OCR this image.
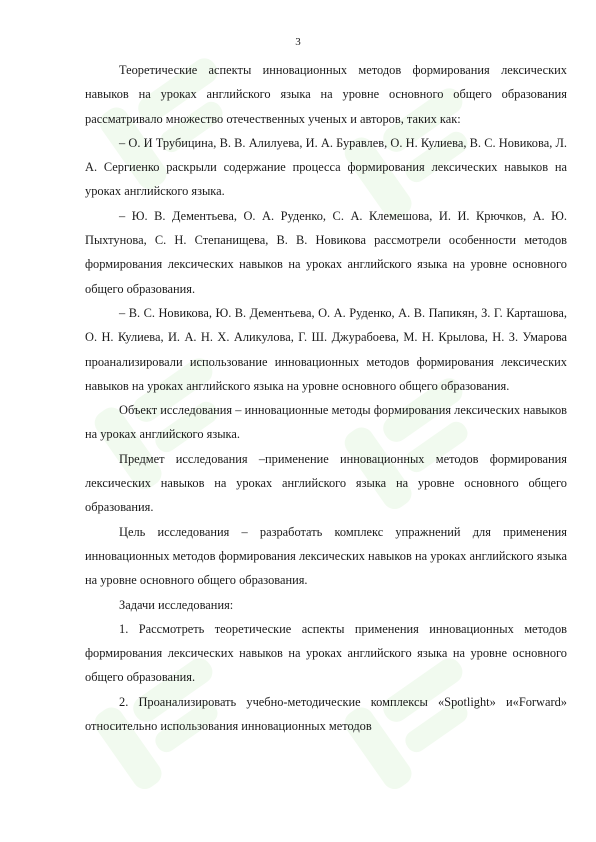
3

Теоретические аспекты инновационных методов формирования лексических навыков на уроках английского языка на уровне основного общего образования рассматривало множество отечественных ученых и авторов, таких как:

– О. И Трубицина, В. В. Алилуева, И. А. Буравлев, О. Н. Кулиева, В. С. Новикова, Л. А. Сергиенко раскрыли содержание процесса формирования лексических навыков на уроках английского языка.

– Ю. В. Дементьева, О. А. Руденко, С. А. Клемешова, И. И. Крючков, А. Ю. Пыхтунова, С. Н. Степанищева, В. В. Новикова рассмотрели особенности методов формирования лексических навыков на уроках английского языка на уровне основного общего образования.

– В. С. Новикова, Ю. В. Дементьева, О. А. Руденко, А. В. Папикян, З. Г. Карташова, О. Н. Кулиева, И. А. Н. Х. Аликулова, Г. Ш. Джурабоева, М. Н. Крылова, Н. З. Умарова проанализировали использование инновационных методов формирования лексических навыков на уроках английского языка на уровне основного общего образования.

Объект исследования – инновационные методы формирования лексических навыков на уроках английского языка.

Предмет исследования –применение инновационных методов формирования лексических навыков на уроках английского языка на уровне основного общего образования.

Цель исследования – разработать комплекс упражнений для применения инновационных методов формирования лексических навыков на уроках английского языка на уровне основного общего образования.

Задачи исследования:

1. Рассмотреть теоретические аспекты применения инновационных методов формирования лексических навыков на уроках английского языка на уровне основного общего образования.

2. Проанализировать учебно-методические комплексы «Spotlight» и«Forward» относительно использования инновационных методов
